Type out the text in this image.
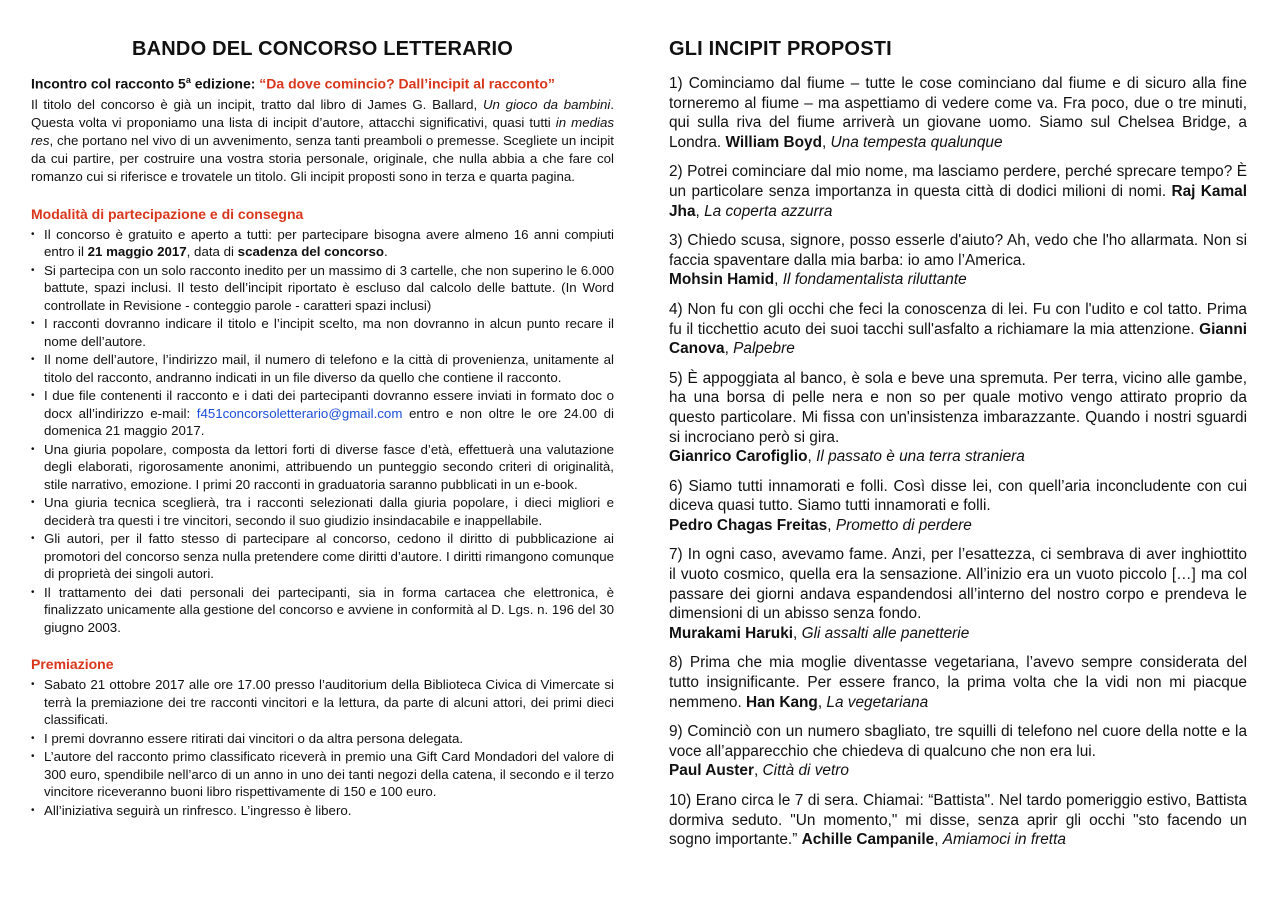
BANDO DEL CONCORSO LETTERARIO
Incontro col racconto 5$^a$ edizione: “Da dove comincio? Dall’incipit al racconto”

Il titolo del concorso è già un incipit, tratto dal libro di James G. Ballard, Un gioco da bambini. Questa volta vi proponiamo una lista di incipit d’autore, attacchi significativi, quasi tutti in medias res, che portano nel vivo di un avvenimento, senza tanti preamboli o premesse. Scegliete un incipit da cui partire, per costruire una vostra storia personale, originale, che nulla abbia a che fare col romanzo cui si riferisce e trovatele un titolo. Gli incipit proposti sono in terza e quarta pagina.

Modalità di partecipazione e di consegna
• Il concorso è gratuito e aperto a tutti: per partecipare bisogna avere almeno 16 anni compiuti entro il 21 maggio 2017, data di scadenza del concorso.
• Si partecipa con un solo racconto inedito per un massimo di 3 cartelle, che non superino le 6.000 battute, spazi inclusi. Il testo dell’incipit riportato è escluso dal calcolo delle battute. (In Word controllate in Revisione - conteggio parole - caratteri spazi inclusi)
• I racconti dovranno indicare il titolo e l’incipit scelto, ma non dovranno in alcun punto recare il nome dell’autore.
• Il nome dell’autore, l’indirizzo mail, il numero di telefono e la città di provenienza, unitamente al titolo del racconto, andranno indicati in un file diverso da quello che contiene il racconto.
• I due file contenenti il racconto e i dati dei partecipanti dovranno essere inviati in formato doc o docx all’indirizzo e-mail: f451concorsoletterario@gmail.com entro e non oltre le ore 24.00 di domenica 21 maggio 2017.
• Una giuria popolare, composta da lettori forti di diverse fasce d’età, effettuerà una valutazione degli elaborati, rigorosamente anonimi, attribuendo un punteggio secondo criteri di originalità, stile narrativo, emozione. I primi 20 racconti in graduatoria saranno pubblicati in un e-book.
• Una giuria tecnica sceglierà, tra i racconti selezionati dalla giuria popolare, i dieci migliori e deciderà tra questi i tre vincitori, secondo il suo giudizio insindacabile e inappellabile.
• Gli autori, per il fatto stesso di partecipare al concorso, cedono il diritto di pubblicazione ai promotori del concorso senza nulla pretendere come diritti d’autore. I diritti rimangono comunque di proprietà dei singoli autori.
• Il trattamento dei dati personali dei partecipanti, sia in forma cartacea che elettronica, è finalizzato unicamente alla gestione del concorso e avviene in conformità al D. Lgs. n. 196 del 30 giugno 2003.
Premiazione
• Sabato 21 ottobre 2017 alle ore 17.00 presso l’auditorium della Biblioteca Civica di Vimercate si terrà la premiazione dei tre racconti vincitori e la lettura, da parte di alcuni attori, dei primi dieci classificati.
• I premi dovranno essere ritirati dai vincitori o da altra persona delegata.
• L’autore del racconto primo classificato riceverà in premio una Gift Card Mondadori del valore di 300 euro, spendibile nell’arco di un anno in uno dei tanti negozi della catena, il secondo e il terzo vincitore riceveranno buoni libro rispettivamente di 150 e 100 euro.
• All’iniziativa seguirà un rinfresco. L’ingresso è libero.
GLI INCIPIT PROPOSTI

1) Cominciamo dal fiume – tutte le cose cominciano dal fiume e di sicuro alla fine torneremo al fiume – ma aspettiamo di vedere come va. Fra poco, due o tre minuti, qui sulla riva del fiume arriverà un giovane uomo. Siamo sul Chelsea Bridge, a Londra. William Boyd, Una tempesta qualunque

2) Potrei cominciare dal mio nome, ma lasciamo perdere, perché sprecare tempo? È un particolare senza importanza in questa città di dodici milioni di nomi. Raj Kamal Jha, La coperta azzurra

3) Chiedo scusa, signore, posso esserle d'aiuto? Ah, vedo che l'ho allarmata. Non si faccia spaventare dalla mia barba: io amo l’America.
Mohsin Hamid, Il fondamentalista riluttante

4) Non fu con gli occhi che feci la conoscenza di lei. Fu con l'udito e col tatto. Prima fu il ticchettio acuto dei suoi tacchi sull'asfalto a richiamare la mia attenzione. Gianni Canova, Palpebre

5) È appoggiata al banco, è sola e beve una spremuta. Per terra, vicino alle gambe, ha una borsa di pelle nera e non so per quale motivo vengo attirato proprio da questo particolare. Mi fissa con un'insistenza imbarazzante. Quando i nostri sguardi si incrociano però si gira.
Gianrico Carofiglio, Il passato è una terra straniera

6) Siamo tutti innamorati e folli. Così disse lei, con quell’aria inconcludente con cui diceva quasi tutto. Siamo tutti innamorati e folli.
Pedro Chagas Freitas, Prometto di perdere

7) In ogni caso, avevamo fame. Anzi, per l’esattezza, ci sembrava di aver inghiottito il vuoto cosmico, quella era la sensazione. All’inizio era un vuoto piccolo […] ma col passare dei giorni andava espandendosi all’interno del nostro corpo e prendeva le dimensioni di un abisso senza fondo.
Murakami Haruki, Gli assalti alle panetterie

8) Prima che mia moglie diventasse vegetariana, l’avevo sempre considerata del tutto insignificante. Per essere franco, la prima volta che la vidi non mi piacque nemmeno. Han Kang, La vegetariana

9) Cominciò con un numero sbagliato, tre squilli di telefono nel cuore della notte e la voce all’apparecchio che chiedeva di qualcuno che non era lui.
Paul Auster, Città di vetro

10) Erano circa le 7 di sera. Chiamai: “Battista". Nel tardo pomeriggio estivo, Battista dormiva seduto. "Un momento," mi disse, senza aprir gli occhi "sto facendo un sogno importante.” Achille Campanile, Amiamoci in fretta
